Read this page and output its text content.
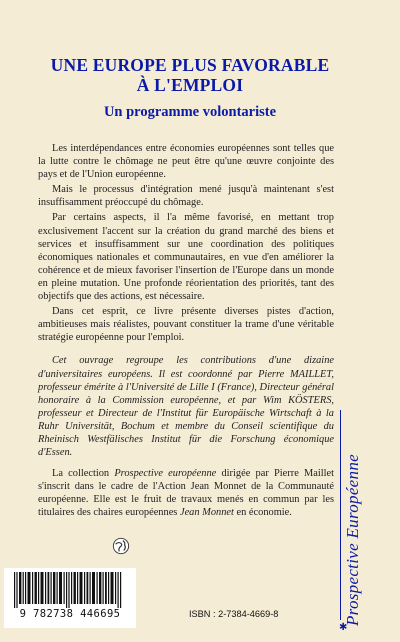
UNE EUROPE PLUS FAVORABLE
À L'EMPLOI
Un programme volontariste

Les interdépendances entre économies européennes sont telles que la lutte contre le chômage ne peut être qu'une œuvre conjointe des pays et de l'Union européenne.

Mais le processus d'intégration mené jusqu'à maintenant s'est insuffisamment préoccupé du chômage.

Par certains aspects, il l'a même favorisé, en mettant trop exclusivement l'accent sur la création du grand marché des biens et services et insuffisamment sur une coordination des politiques économiques nationales et communautaires, en vue d'en améliorer la cohérence et de mieux favoriser l'insertion de l'Europe dans un monde en pleine mutation. Une profonde réorientation des priorités, tant des objectifs que des actions, est nécessaire.

Dans cet esprit, ce livre présente diverses pistes d'action, ambitieuses mais réalistes, pouvant constituer la trame d'une véritable stratégie européenne pour l'emploi.

Cet ouvrage regroupe les contributions d'une dizaine d'universitaires européens. Il est coordonné par Pierre MAILLET, professeur émérite à l'Université de Lille I (France), Directeur général honoraire à la Commission européenne, et par Wim KÖSTERS, professeur et Directeur de l'Institut für Europäische Wirtschaft à la Ruhr Universität, Bochum et membre du Conseil scientifique du Rheinisch Westfälisches Institut für die Forschung économique d'Essen.

La collection Prospective européenne dirigée par Pierre Maillet s'inscrit dans le cadre de l'Action Jean Monnet de la Communauté européenne. Elle est le fruit de travaux menés en commun par les titulaires des chaires européennes Jean Monnet en économie.	Prospective Européenne
✱
9 782738 446695	ISBN : 2-7384-4669-8
